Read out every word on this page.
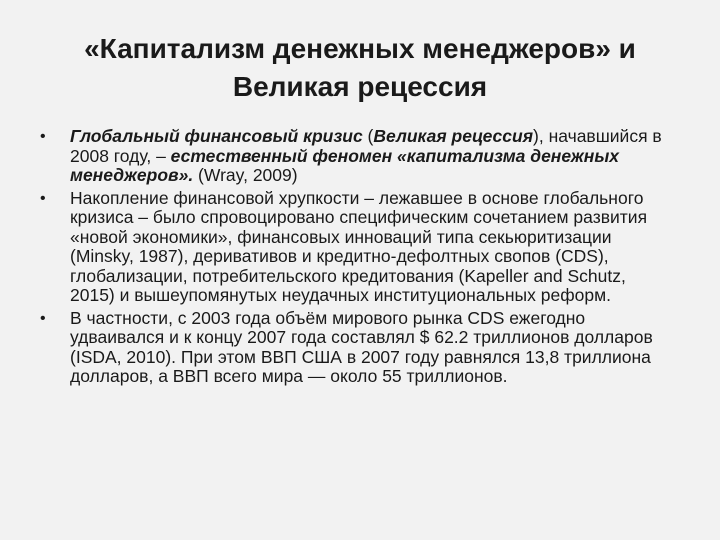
«Капитализм денежных менеджеров» и
Великая рецессия
• Глобальный финансовый кризис (Великая рецессия), начавшийся в 2008 году, – естественный феномен «капитализма денежных менеджеров». (Wray, 2009)
• Накопление финансовой хрупкости – лежавшее в основе глобального кризиса – было спровоцировано специфическим сочетанием развития «новой экономики», финансовых инноваций типа секьюритизации (Minsky, 1987), деривативов и кредитно-дефолтных свопов (CDS), глобализации, потребительского кредитования (Kapeller and Schutz, 2015) и вышеупомянутых неудачных институциональных реформ.
• В частности, с 2003 года объём мирового рынка CDS ежегодно удваивался и к концу 2007 года составлял $ 62.2 триллионов долларов (ISDA, 2010). При этом ВВП США в 2007 году равнялся 13,8 триллиона долларов, а ВВП всего мира — около 55 триллионов.
